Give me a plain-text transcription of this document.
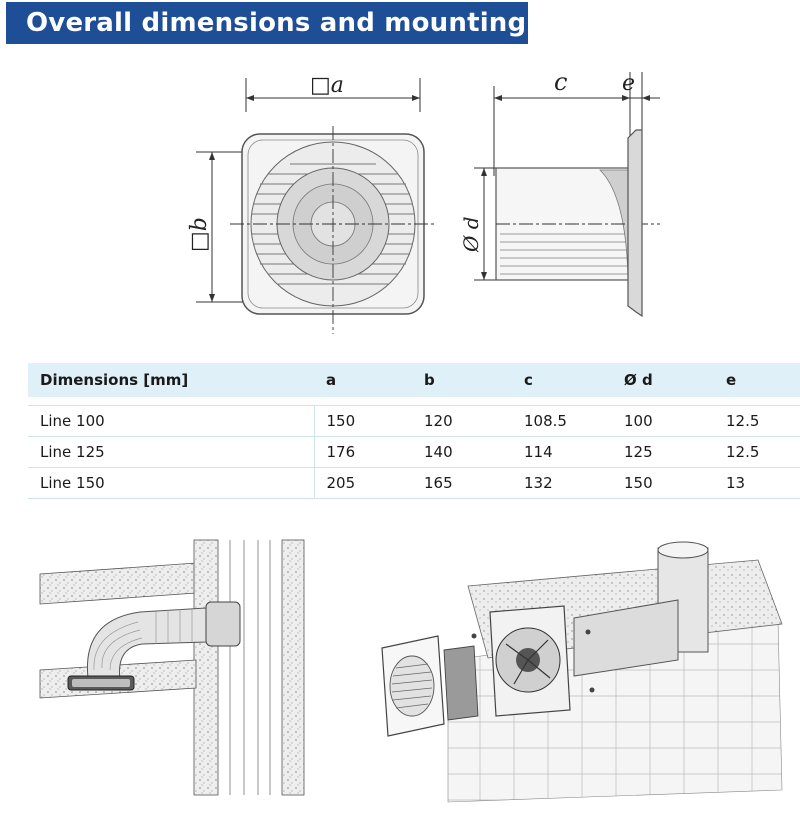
Overall dimensions and mounting
□a
□b
c e
Ø d
Dimensions [mm]	a	b	c	Ø d	e

Line 100	150	120	108.5	100	12.5
Line 125	176	140	114	125	12.5
Line 150	205	165	132	150	13
